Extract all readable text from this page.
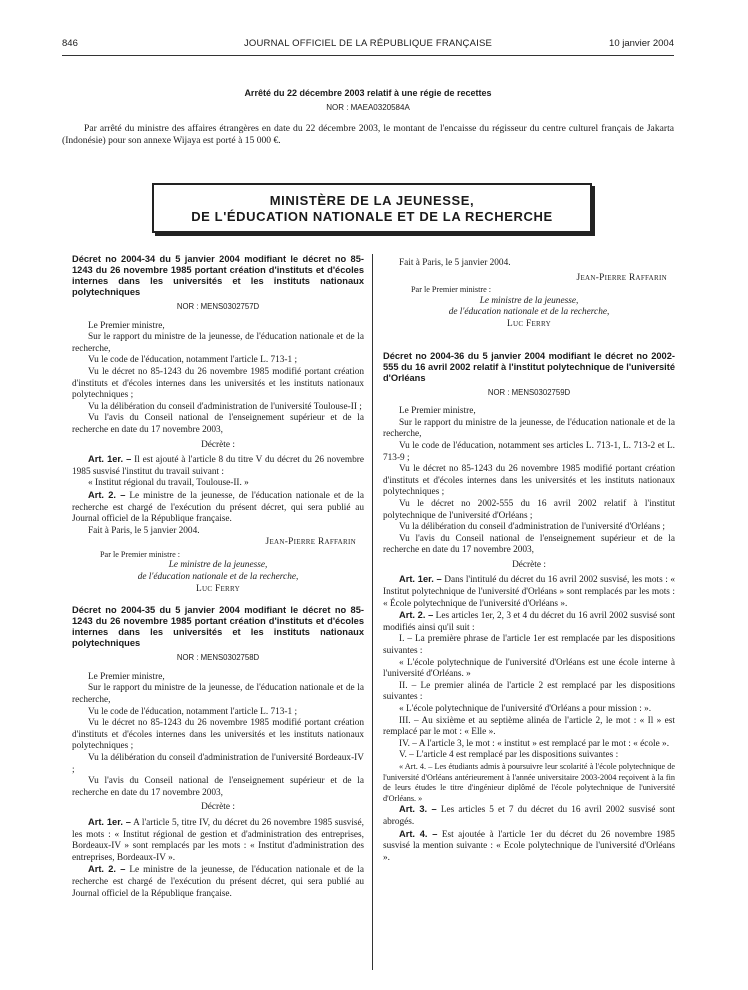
846	JOURNAL OFFICIEL DE LA RÉPUBLIQUE FRANÇAISE	10 janvier 2004
Arrêté du 22 décembre 2003 relatif à une régie de recettes
NOR : MAEA0320584A

Par arrêté du ministre des affaires étrangères en date du 22 décembre 2003, le montant de l'encaisse du régisseur du centre culturel français de Jakarta (Indonésie) pour son annexe Wijaya est porté à 15 000 €.

MINISTÈRE DE LA JEUNESSE,
DE L'ÉDUCATION NATIONALE ET DE LA RECHERCHE
Décret no 2004-34 du 5 janvier 2004 modifiant le décret no 85-1243 du 26 novembre 1985 portant création d'instituts et d'écoles internes dans les universités et les instituts nationaux polytechniques
NOR : MENS0302757D

Le Premier ministre,

Sur le rapport du ministre de la jeunesse, de l'éducation nationale et de la recherche,

Vu le code de l'éducation, notamment l'article L. 713-1 ;

Vu le décret no 85-1243 du 26 novembre 1985 modifié portant création d'instituts et d'écoles internes dans les universités et les instituts nationaux polytechniques ;

Vu la délibération du conseil d'administration de l'université Toulouse-II ;

Vu l'avis du Conseil national de l'enseignement supérieur et de la recherche en date du 17 novembre 2003,

Décrète :

Art. 1er. – Il est ajouté à l'article 8 du titre V du décret du 26 novembre 1985 susvisé l'institut du travail suivant :

« Institut régional du travail, Toulouse-II. »

Art. 2. – Le ministre de la jeunesse, de l'éducation nationale et de la recherche est chargé de l'exécution du présent décret, qui sera publié au Journal officiel de la République française.

Fait à Paris, le 5 janvier 2004.

Jean-Pierre Raffarin

Par le Premier ministre :

Le ministre de la jeunesse,

de l'éducation nationale et de la recherche,

Luc Ferry

Décret no 2004-35 du 5 janvier 2004 modifiant le décret no 85-1243 du 26 novembre 1985 portant création d'instituts et d'écoles internes dans les universités et les instituts nationaux polytechniques
NOR : MENS0302758D

Le Premier ministre,

Sur le rapport du ministre de la jeunesse, de l'éducation nationale et de la recherche,

Vu le code de l'éducation, notamment l'article L. 713-1 ;

Vu le décret no 85-1243 du 26 novembre 1985 modifié portant création d'instituts et d'écoles internes dans les universités et les instituts nationaux polytechniques ;

Vu la délibération du conseil d'administration de l'université Bordeaux-IV ;

Vu l'avis du Conseil national de l'enseignement supérieur et de la recherche en date du 17 novembre 2003,

Décrète :

Art. 1er. – A l'article 5, titre IV, du décret du 26 novembre 1985 susvisé, les mots : « Institut régional de gestion et d'administration des entreprises, Bordeaux-IV » sont remplacés par les mots : « Institut d'administration des entreprises, Bordeaux-IV ».

Art. 2. – Le ministre de la jeunesse, de l'éducation nationale et de la recherche est chargé de l'exécution du présent décret, qui sera publié au Journal officiel de la République française.

Fait à Paris, le 5 janvier 2004.

Jean-Pierre Raffarin

Par le Premier ministre :

Le ministre de la jeunesse,

de l'éducation nationale et de la recherche,

Luc Ferry

Décret no 2004-36 du 5 janvier 2004 modifiant le décret no 2002-555 du 16 avril 2002 relatif à l'institut polytechnique de l'université d'Orléans
NOR : MENS0302759D

Le Premier ministre,

Sur le rapport du ministre de la jeunesse, de l'éducation nationale et de la recherche,

Vu le code de l'éducation, notamment ses articles L. 713-1, L. 713-2 et L. 713-9 ;

Vu le décret no 85-1243 du 26 novembre 1985 modifié portant création d'instituts et d'écoles internes dans les universités et les instituts nationaux polytechniques ;

Vu le décret no 2002-555 du 16 avril 2002 relatif à l'institut polytechnique de l'université d'Orléans ;

Vu la délibération du conseil d'administration de l'université d'Orléans ;

Vu l'avis du Conseil national de l'enseignement supérieur et de la recherche en date du 17 novembre 2003,

Décrète :

Art. 1er. – Dans l'intitulé du décret du 16 avril 2002 susvisé, les mots : « Institut polytechnique de l'université d'Orléans » sont remplacés par les mots : « École polytechnique de l'université d'Orléans ».

Art. 2. – Les articles 1er, 2, 3 et 4 du décret du 16 avril 2002 susvisé sont modifiés ainsi qu'il suit :

I. – La première phrase de l'article 1er est remplacée par les dispositions suivantes :

« L'école polytechnique de l'université d'Orléans est une école interne à l'université d'Orléans. »

II. – Le premier alinéa de l'article 2 est remplacé par les dispositions suivantes :

« L'école polytechnique de l'université d'Orléans a pour mission : ».

III. – Au sixième et au septième alinéa de l'article 2, le mot : « Il » est remplacé par le mot : « Elle ».

IV. – A l'article 3, le mot : « institut » est remplacé par le mot : « école ».

V. – L'article 4 est remplacé par les dispositions suivantes :

« Art. 4. – Les étudiants admis à poursuivre leur scolarité à l'école polytechnique de l'université d'Orléans antérieurement à l'année universitaire 2003-2004 reçoivent à la fin de leurs études le titre d'ingénieur diplômé de l'école polytechnique de l'université d'Orléans. »

Art. 3. – Les articles 5 et 7 du décret du 16 avril 2002 susvisé sont abrogés.

Art. 4. – Est ajoutée à l'article 1er du décret du 26 novembre 1985 susvisé la mention suivante : « Ecole polytechnique de l'université d'Orléans ».
